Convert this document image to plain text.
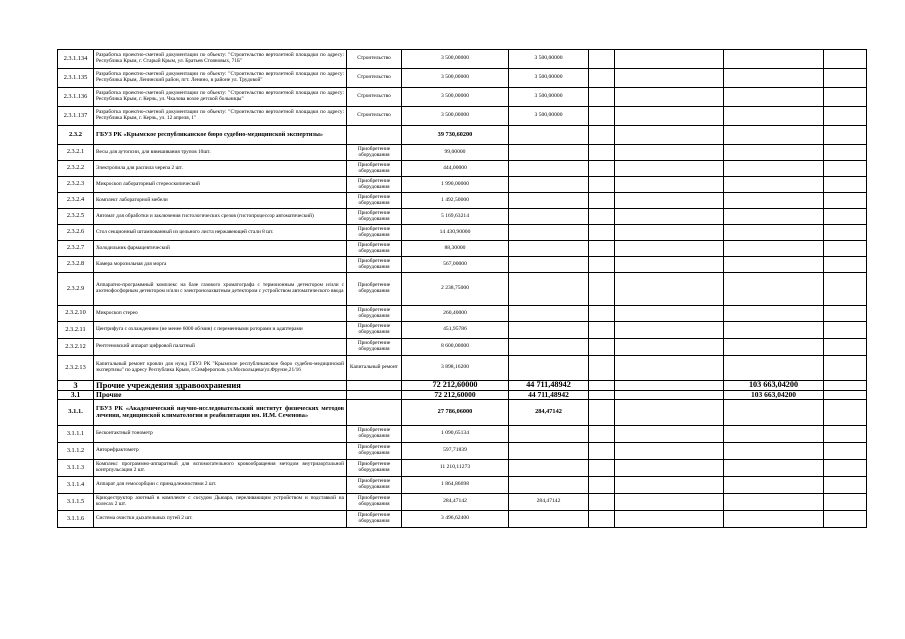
2.3.1.134	Разработка проектно-сметной документации по объекту: "Строительство вертолетной площадки по адресу: Республика Крым, г. Старый Крым, ул. Братьев Стояновых, 71Б"	Строительство	3 500,00000	3 500,00000				
2.3.1.135	Разработка проектно-сметной документации по объекту: "Строительство вертолетной площадки по адресу: Республика Крым, Ленинский район, пгт. Ленино, в районе ул. Трудовой"	Строительство	3 500,00000	3 500,00000				
2.3.1.136	Разработка проектно-сметной документации по объекту: "Строительство вертолетной площадки по адресу: Республика Крым, г. Керчь, ул. Чкалова возле детской больницы"	Строительство	3 500,00000	3 500,00000				
2.3.1.137	Разработка проектно-сметной документации по объекту: "Строительство вертолетной площадки по адресу: Республика Крым, г. Керчь, ул. 12 апреля, 1"	Строительство	3 500,00000	3 500,00000				
2.3.2	ГБУЗ РК «Крымское республиканское бюро судебно-медицинской экспертизы»		39 730,60200					
2.3.2.1	Весы для аутопсии, для взвешивания трупов 10шт.	Приобретение оборудования	99,00000					
2.3.2.2	Электропила для распила черепа 2 шт.	Приобретение оборудования	444,00000					
2.3.2.3	Микроскоп лабораторный стереоскопический	Приобретение оборудования	1 990,00000					
2.3.2.4	Комплект лабораторной мебели	Приобретение оборудования	1 492,50000					
2.3.2.5	Автомат для обработки и заключения гистологических срезов (гистопроцессор автоматический)	Приобретение оборудования	5 169,63214					
2.3.2.6	Стол секционный штампованный из цельного листа нержавеющей стали 8 шт.	Приобретение оборудования	14 430,90000					
2.3.2.7	Холодильник фармацевтический	Приобретение оборудования	88,30000					
2.3.2.8	Камера морозильная для морга	Приобретение оборудования	567,00000					
2.3.2.9	Аппаратно-программный комплекс на базе газового хроматографа с термоионным детектором и/или с азотнофосфорным детектором и/или с электронозахватным детектором с устройством автоматического ввода	Приобретение оборудования	2 238,75000					
2.3.2.10	Микроскоп стерео	Приобретение оборудования	260,40000					
2.3.2.11	Центрифуга с охлаждением (не менее 6000 об/мин) с переменными роторами и адаптерами	Приобретение оборудования	451,95786					
2.3.2.12	Рентгеновский аппарат цифровой палатный	Приобретение оборудования	8 600,00000					
2.3.2.13	Капитальный ремонт кровли для нужд ГБУЗ РК "Крымское республиканское бюро судебно-медицинской экспертизы" по адресу Республика Крым, г.Симферополь ул.Москольцева/ул.Фрунзе,21/16	Капитальный ремонт	3 898,16200					
3	Прочие учреждения здравоохранения		72 212,60000	44 711,48942			103 663,04200	
3.1	Прочие		72 212,60000	44 711,48942			103 663,04200	
3.1.1.	ГБУЗ РК «Академический научно-исследовательский институт физических методов лечения, медицинской климатологии и реабилитации им. И.М. Сеченова»		27 786,06000	284,47142				
3.1.1.1	Бесконтактный тонометр	Приобретение оборудования	1 090,65134					
3.1.1.2	Авторефрактометр	Приобретение оборудования	597,71839					
3.1.1.3	Комплекс программно-аппаратный для вспомогательного кровообращения методом внутриаортальной контрпульсации 2 шт.	Приобретение оборудования	11 210,11273					
3.1.1.4	Аппарат для гемосорбции с принадлежностями 2 шт.	Приобретение оборудования	1 864,86698					
3.1.1.5	Криодеструктор азотный в комплекте с сосудом Дьюара, переливающим устройством и подставкой на колесах 2 шт.	Приобретение оборудования	284,47142	284,47142				
3.1.1.6	Система очистки дыхательных путей 2 шт.	Приобретение оборудования	3 496,62400					
